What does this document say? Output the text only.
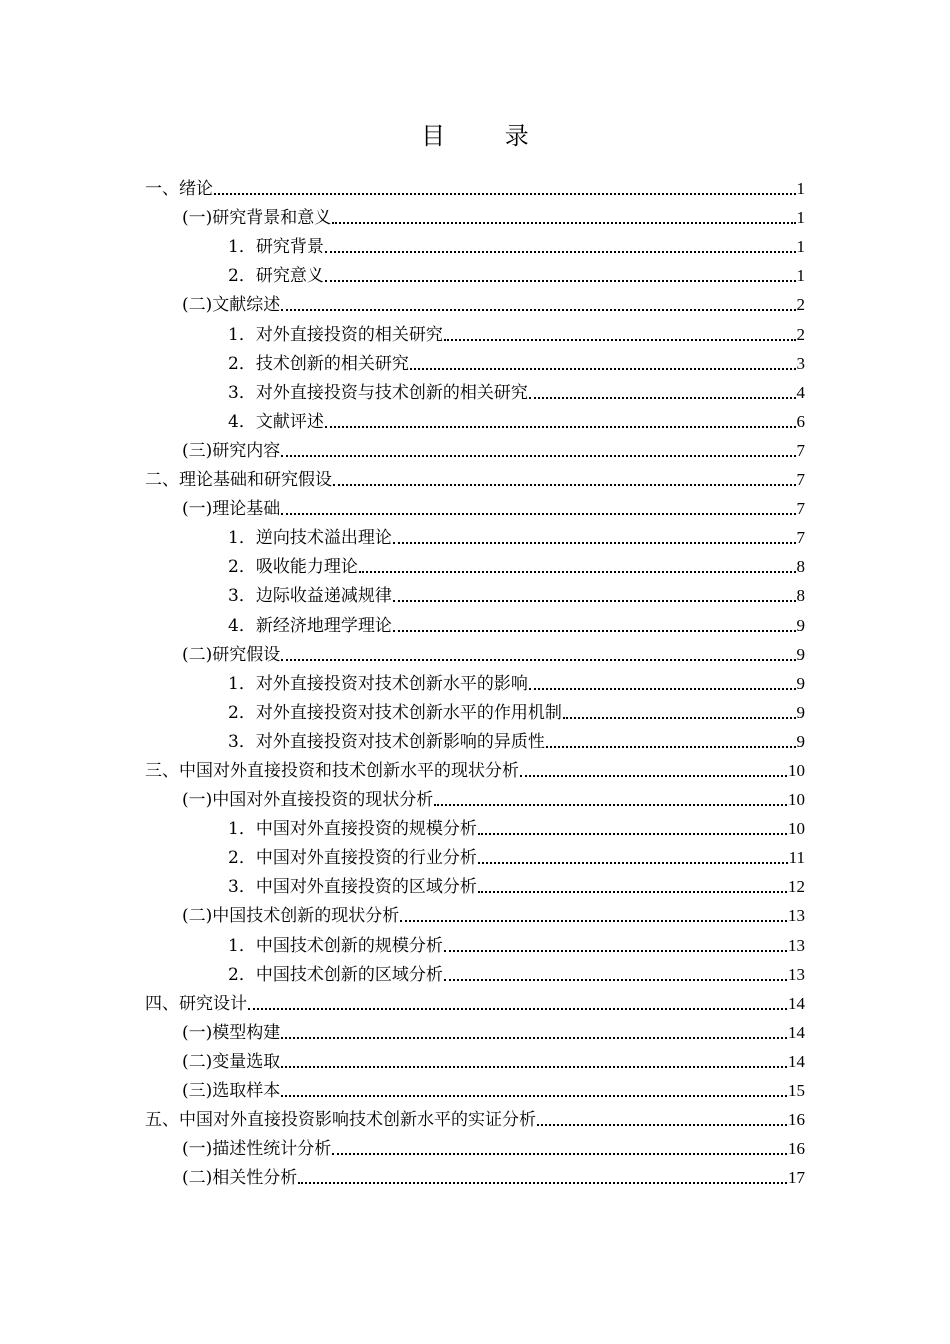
目 录
一、绪论	1
(一)研究背景和意义	1
1．研究背景	1
2．研究意义	1
(二)文献综述	2
1．对外直接投资的相关研究	2
2．技术创新的相关研究	3
3．对外直接投资与技术创新的相关研究	4
4．文献评述	6
(三)研究内容	7
二、理论基础和研究假设	7
(一)理论基础	7
1．逆向技术溢出理论	7
2．吸收能力理论	8
3．边际收益递减规律	8
4．新经济地理学理论	9
(二)研究假设	9
1．对外直接投资对技术创新水平的影响	9
2．对外直接投资对技术创新水平的作用机制	9
3．对外直接投资对技术创新影响的异质性	9
三、中国对外直接投资和技术创新水平的现状分析	10
(一)中国对外直接投资的现状分析	10
1．中国对外直接投资的规模分析	10
2．中国对外直接投资的行业分析	11
3．中国对外直接投资的区域分析	12
(二)中国技术创新的现状分析	13
1．中国技术创新的规模分析	13
2．中国技术创新的区域分析	13
四、研究设计	14
(一)模型构建	14
(二)变量选取	14
(三)选取样本	15
五、中国对外直接投资影响技术创新水平的实证分析	16
(一)描述性统计分析	16
(二)相关性分析	17
